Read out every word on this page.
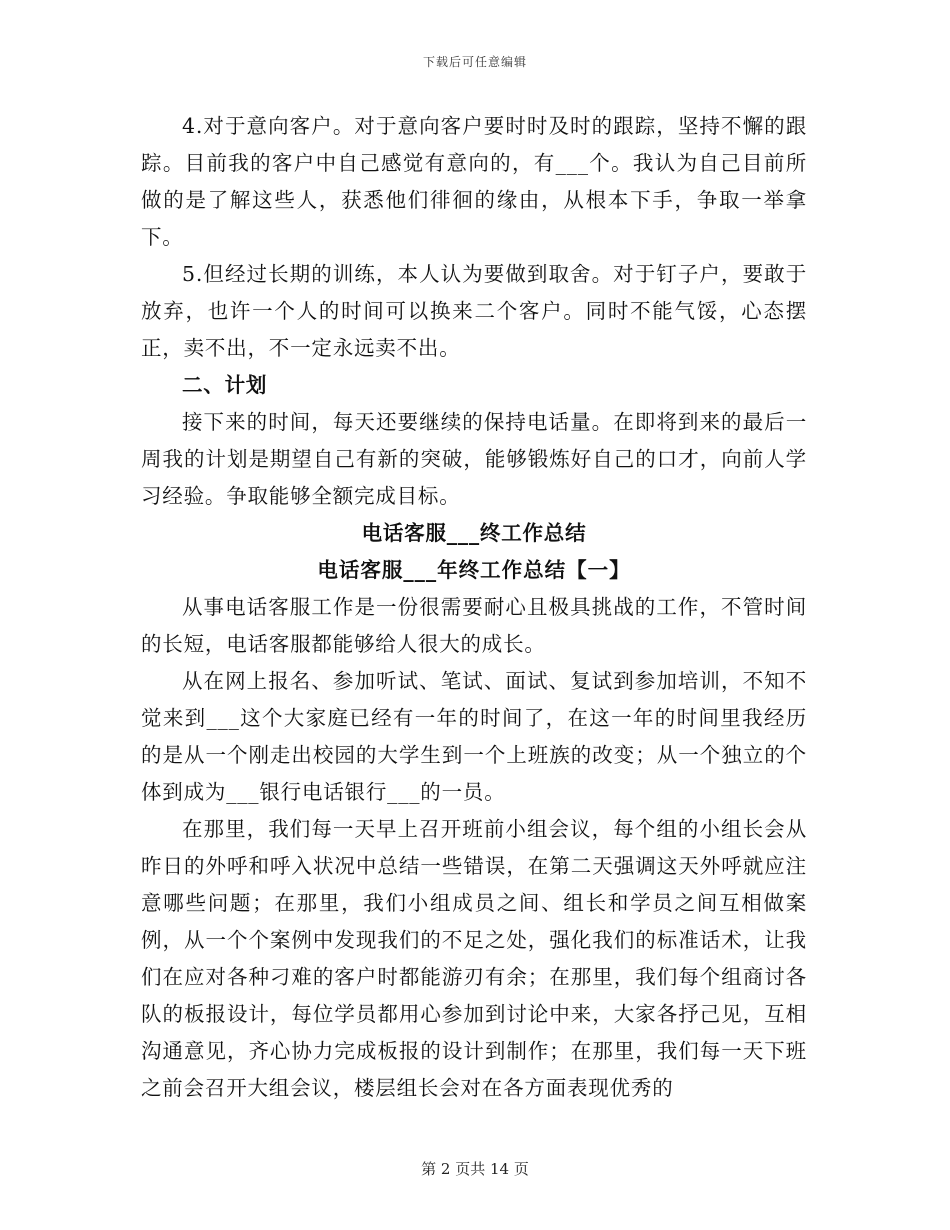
下载后可任意编辑

4.对于意向客户。对于意向客户要时时及时的跟踪，坚持不懈的跟踪。目前我的客户中自己感觉有意向的，有___个。我认为自己目前所做的是了解这些人，获悉他们徘徊的缘由，从根本下手，争取一举拿下。

5.但经过长期的训练，本人认为要做到取舍。对于钉子户，要敢于放弃，也许一个人的时间可以换来二个客户。同时不能气馁，心态摆正，卖不出，不一定永远卖不出。

二、计划

接下来的时间，每天还要继续的保持电话量。在即将到来的最后一周我的计划是期望自己有新的突破，能够锻炼好自己的口才，向前人学习经验。争取能够全额完成目标。

电话客服___终工作总结

电话客服___年终工作总结【一】

从事电话客服工作是一份很需要耐心且极具挑战的工作，不管时间的长短，电话客服都能够给人很大的成长。

从在网上报名、参加听试、笔试、面试、复试到参加培训，不知不觉来到___这个大家庭已经有一年的时间了，在这一年的时间里我经历的是从一个刚走出校园的大学生到一个上班族的改变；从一个独立的个体到成为___银行电话银行___的一员。

在那里，我们每一天早上召开班前小组会议，每个组的小组长会从昨日的外呼和呼入状况中总结一些错误，在第二天强调这天外呼就应注意哪些问题；在那里，我们小组成员之间、组长和学员之间互相做案例，从一个个案例中发现我们的不足之处，强化我们的标准话术，让我们在应对各种刁难的客户时都能游刃有余；在那里，我们每个组商讨各队的板报设计，每位学员都用心参加到讨论中来，大家各抒己见，互相沟通意见，齐心协力完成板报的设计到制作；在那里，我们每一天下班之前会召开大组会议，楼层组长会对在各方面表现优秀的

第 2 页共 14 页
